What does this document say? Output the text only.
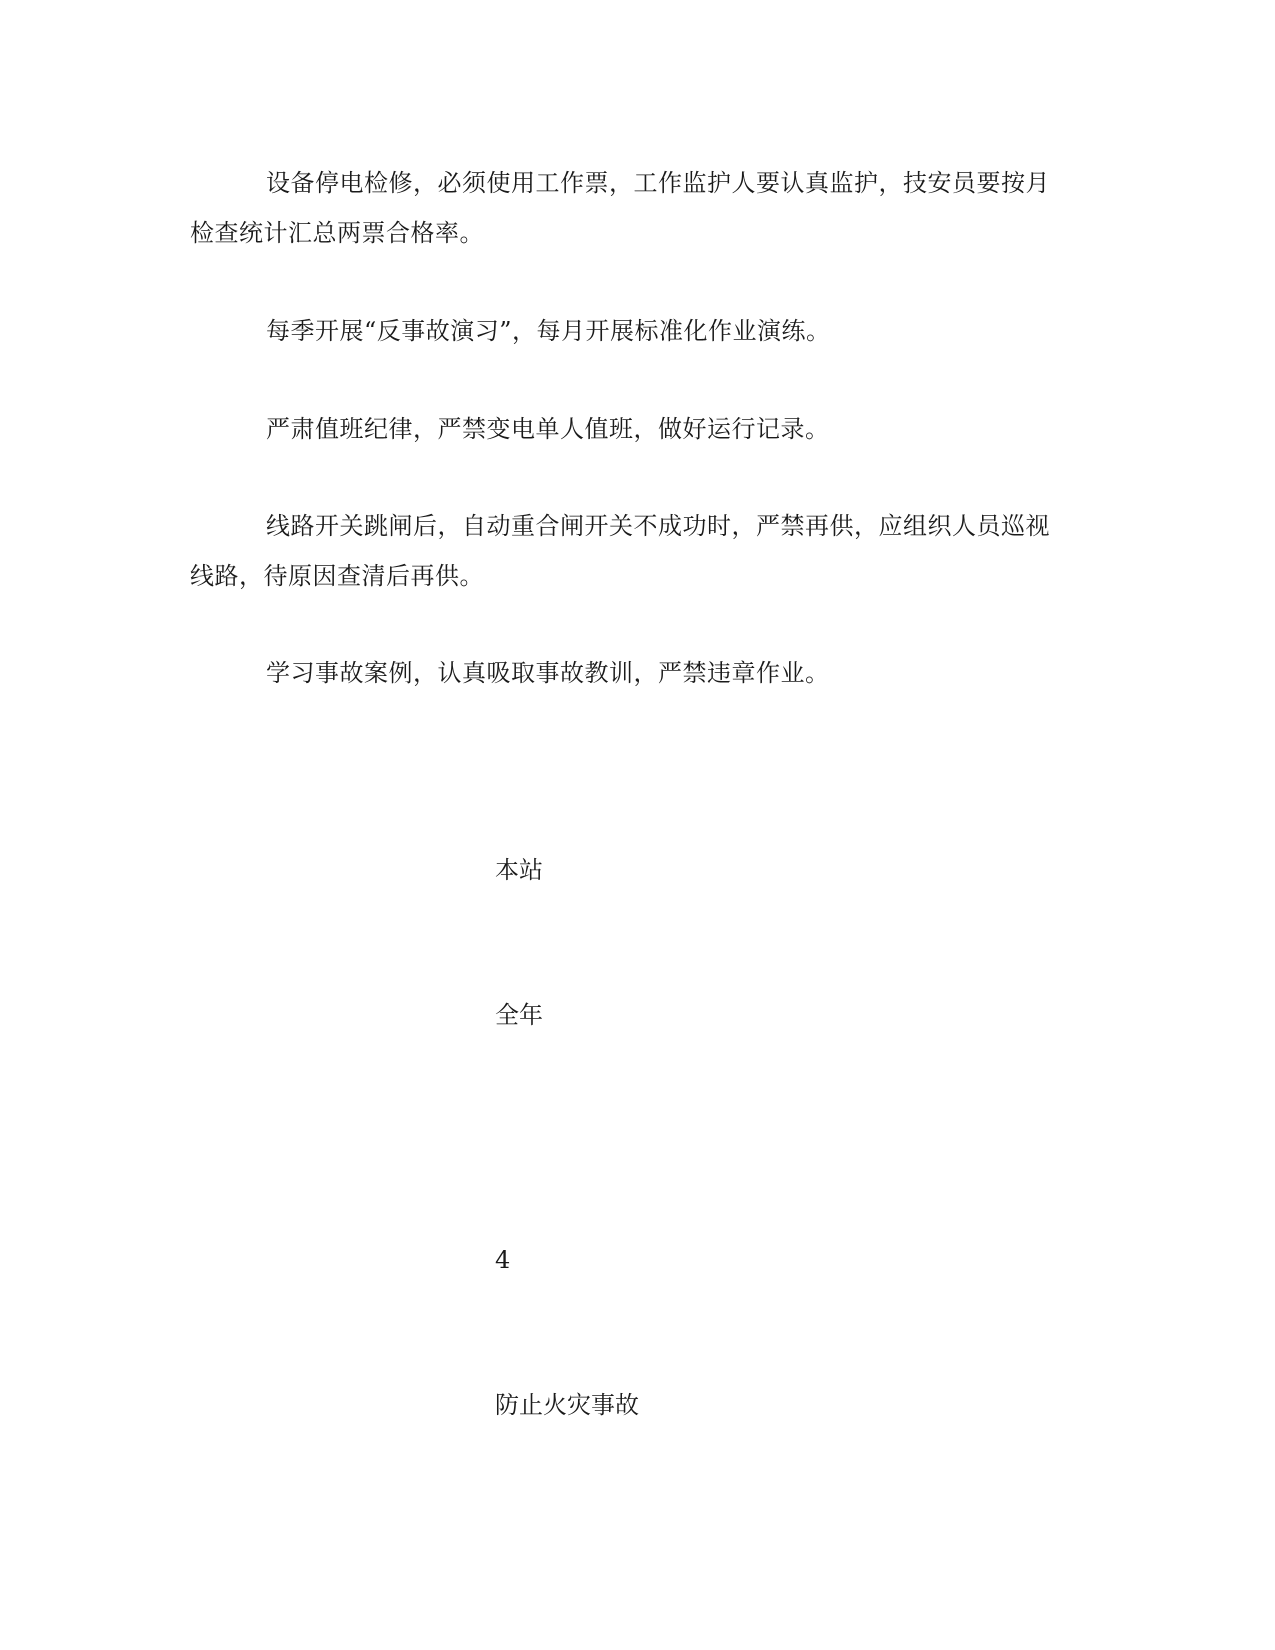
设备停电检修，必须使用工作票，工作监护人要认真监护，技安员要按月检查统计汇总两票合格率。

每季开展“反事故演习”，每月开展标准化作业演练。

严肃值班纪律，严禁变电单人值班，做好运行记录。

线路开关跳闸后，自动重合闸开关不成功时，严禁再供，应组织人员巡视线路，待原因查清后再供。

学习事故案例，认真吸取事故教训，严禁违章作业。

本站

全年

4

防止火灾事故
